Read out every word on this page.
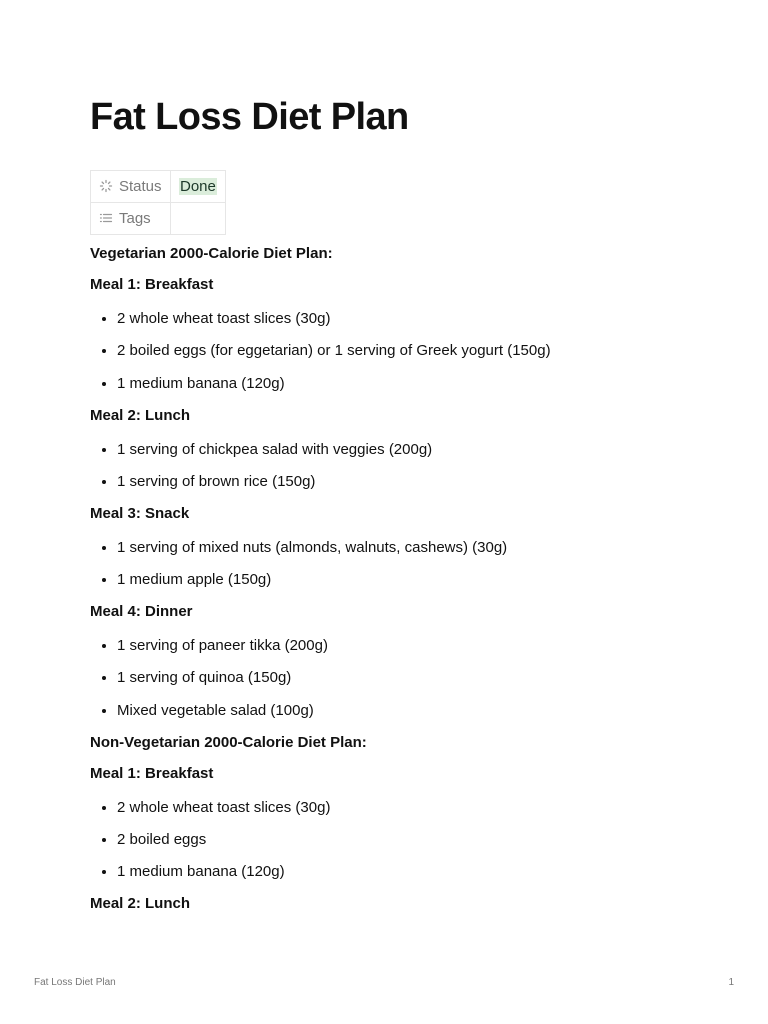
Fat Loss Diet Plan
Status	Done
Tags	

Vegetarian 2000-Calorie Diet Plan:

Meal 1: Breakfast

• 2 whole wheat toast slices (30g)
• 2 boiled eggs (for eggetarian) or 1 serving of Greek yogurt (150g)
• 1 medium banana (120g)

Meal 2: Lunch

• 1 serving of chickpea salad with veggies (200g)
• 1 serving of brown rice (150g)

Meal 3: Snack

• 1 serving of mixed nuts (almonds, walnuts, cashews) (30g)
• 1 medium apple (150g)

Meal 4: Dinner

• 1 serving of paneer tikka (200g)
• 1 serving of quinoa (150g)
• Mixed vegetable salad (100g)

Non-Vegetarian 2000-Calorie Diet Plan:

Meal 1: Breakfast

• 2 whole wheat toast slices (30g)
• 2 boiled eggs
• 1 medium banana (120g)

Meal 2: Lunch

Fat Loss Diet Plan	1
